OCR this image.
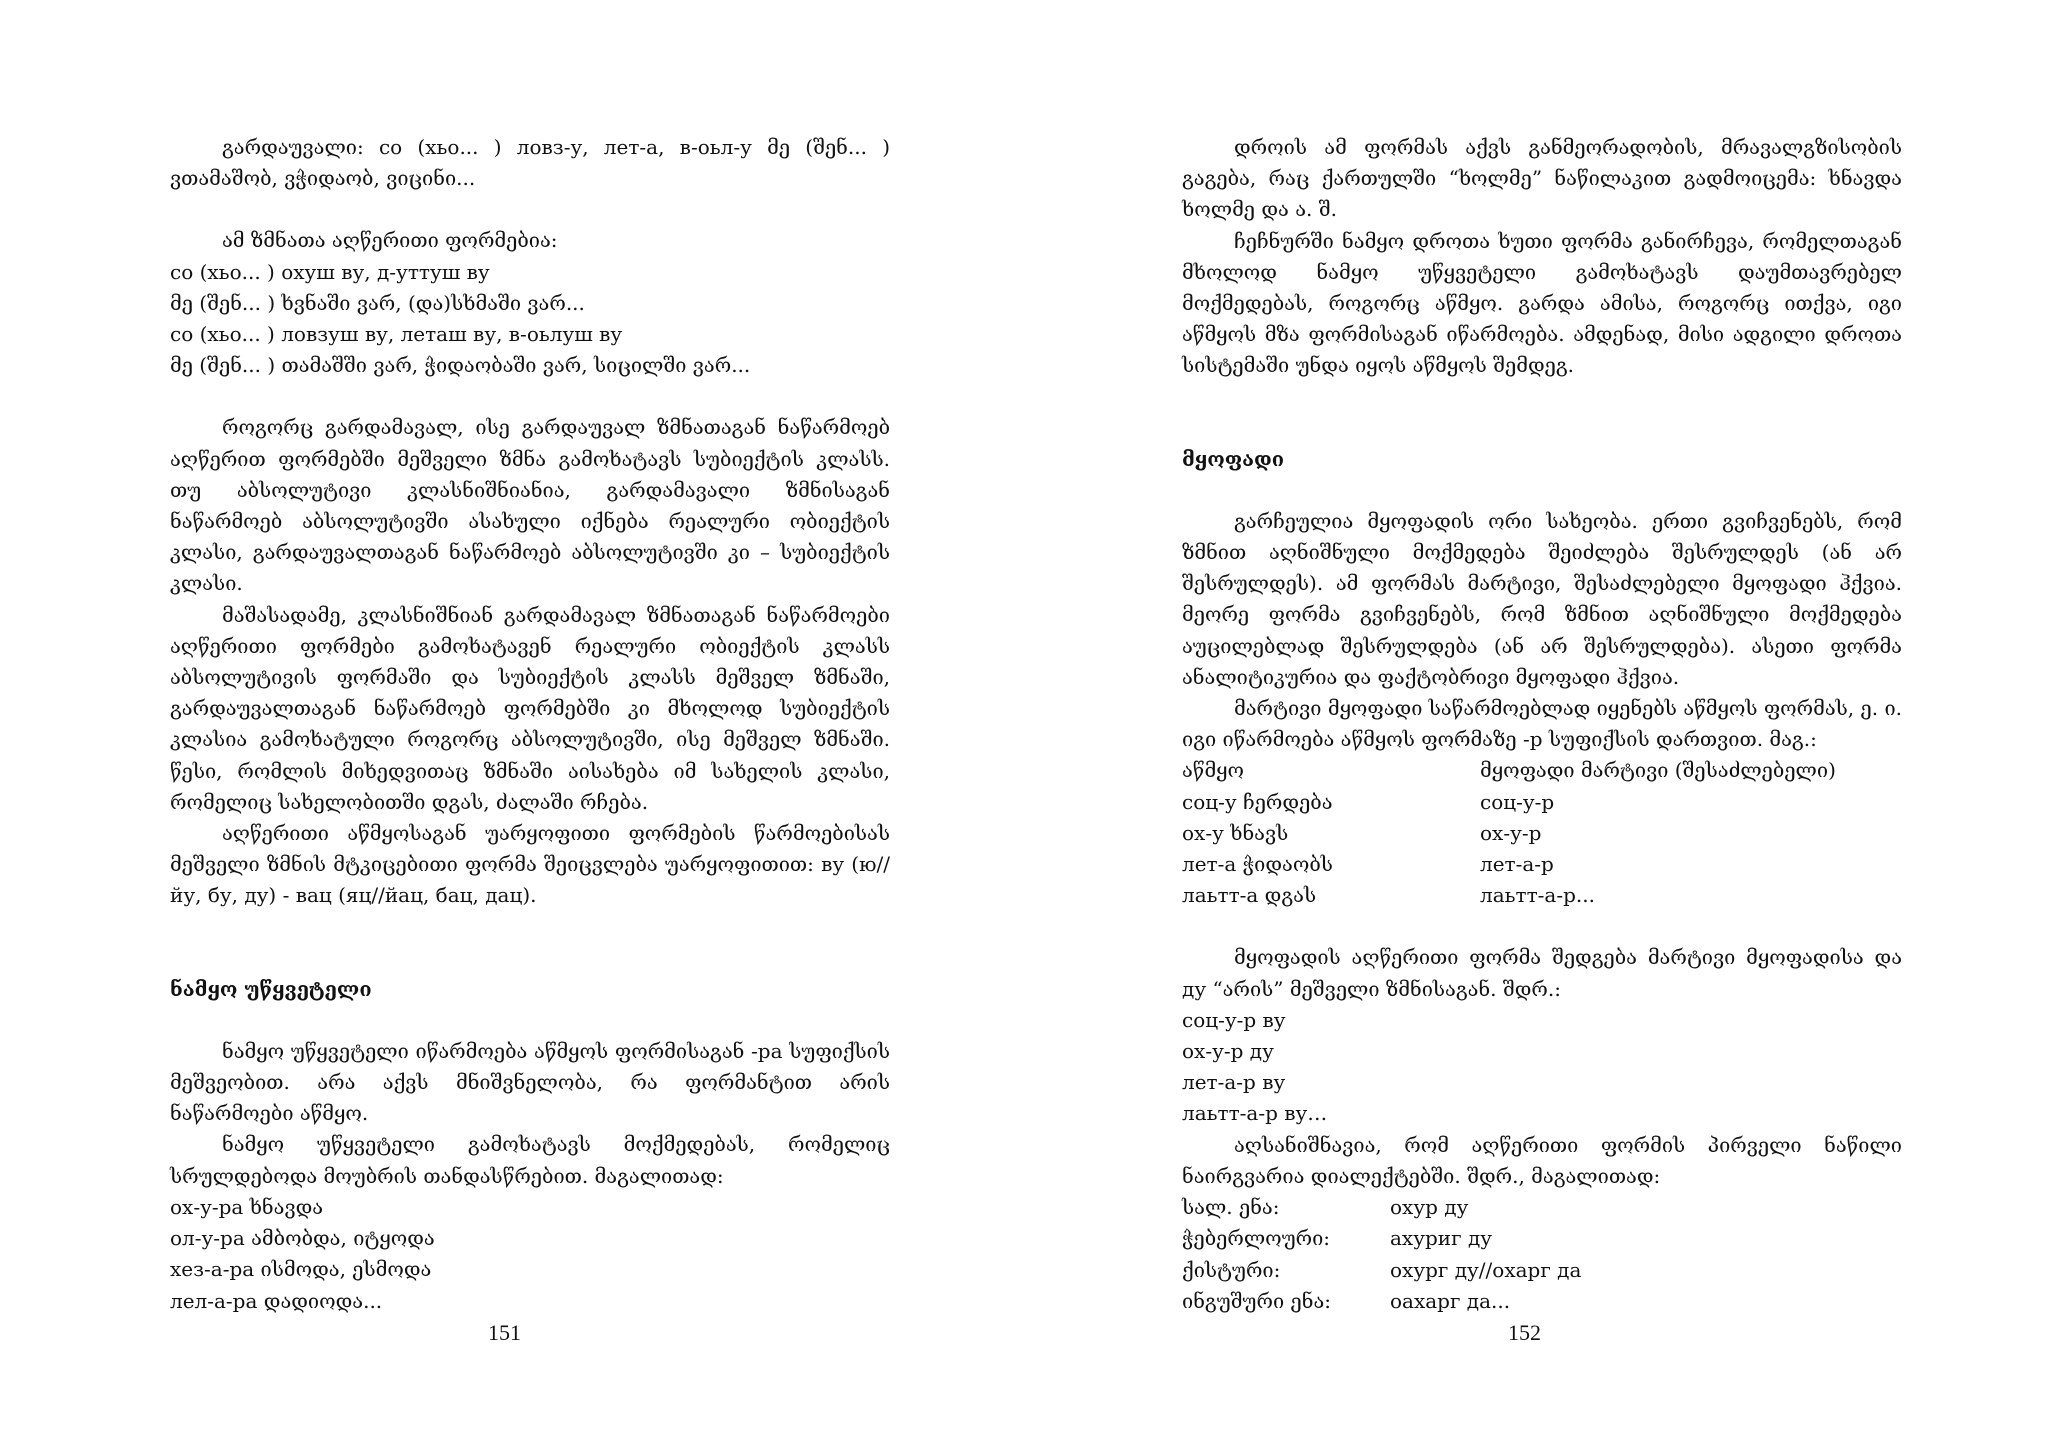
გარდაუვალი: со (хьо... ) ловз-у, лет-а, в-оьл-у მე (შენ... ) ვთამაშობ, ვჭიდაობ, ვიცინი...

ამ ზმნათა აღწერითი ფორმებია:
со (хьо... ) охуш ву, д-уттуш ву
მე (შენ... ) ხვნაში ვარ, (და)სხმაში ვარ...
со (хьо... ) ловзуш ву, леташ ву, в-оьлуш ву
მე (შენ... ) თამაშში ვარ, ჭიდაობაში ვარ, სიცილში ვარ...

როგორც გარდამავალ, ისე გარდაუვალ ზმნათაგან ნაწარმოებ აღწერით ფორმებში მეშველი ზმნა გამოხატავს სუბიექტის კლასს. თუ აბსოლუტივი კლასნიშნიანია, გარდამავალი ზმნისაგან ნაწარმოებ აბსოლუტივში ასახული იქნება რეალური ობიექტის კლასი, გარდაუვალთაგან ნაწარმოებ აბსოლუტივში კი – სუბიექტის კლასი.

მაშასადამე, კლასნიშნიან გარდამავალ ზმნათაგან ნაწარმოები აღწერითი ფორმები გამოხატავენ რეალური ობიექტის კლასს აბსოლუტივის ფორმაში და სუბიექტის კლასს მეშველ ზმნაში, გარდაუვალთაგან ნაწარმოებ ფორმებში კი მხოლოდ სუბიექტის კლასია გამოხატული როგორც აბსოლუტივში, ისე მეშველ ზმნაში. წესი, რომლის მიხედვითაც ზმნაში აისახება იმ სახელის კლასი, რომელიც სახელობითში დგას, ძალაში რჩება.

აღწერითი აწმყოსაგან უარყოფითი ფორმების წარმოებისას მეშველი ზმნის მტკიცებითი ფორმა შეიცვლება უარყოფითით: ву (ю//йу, бу, ду) - вац (яц//йац, бац, дац).

ნამყო უწყვეტელი

ნამყო უწყვეტელი იწარმოება აწმყოს ფორმისაგან -ра სუფიქსის მეშვეობით. არა აქვს მნიშვნელობა, რა ფორმანტით არის ნაწარმოები აწმყო.

ნამყო უწყვეტელი გამოხატავს მოქმედებას, რომელიც სრულდებოდა მოუბრის თანდასწრებით. მაგალითად:

ох-у-ра ხნავდა
ол-у-ра ამბობდა, იტყოდა
хез-а-ра ისმოდა, ესმოდა
лел-а-ра დადიოდა...
151

დროის ამ ფორმას აქვს განმეორადობის, მრავალგზისობის გაგება, რაც ქართულში “ხოლმე” ნაწილაკით გადმოიცემა: ხნავდა ხოლმე და ა. შ.

ჩეჩნურში ნამყო დროთა ხუთი ფორმა განირჩევა, რომელთაგან მხოლოდ ნამყო უწყვეტელი გამოხატავს დაუმთავრებელ მოქმედებას, როგორც აწმყო. გარდა ამისა, როგორც ითქვა, იგი აწმყოს მზა ფორმისაგან იწარმოება. ამდენად, მისი ადგილი დროთა სისტემაში უნდა იყოს აწმყოს შემდეგ.

მყოფადი

გარჩეულია მყოფადის ორი სახეობა. ერთი გვიჩვენებს, რომ ზმნით აღნიშნული მოქმედება შეიძლება შესრულდეს (ან არ შესრულდეს). ამ ფორმას მარტივი, შესაძლებელი მყოფადი ჰქვია. მეორე ფორმა გვიჩვენებს, რომ ზმნით აღნიშნული მოქმედება აუცილებლად შესრულდება (ან არ შესრულდება). ასეთი ფორმა ანალიტიკურია და ფაქტობრივი მყოფადი ჰქვია.

მარტივი მყოფადი საწარმოებლად იყენებს აწმყოს ფორმას, ე. ი. იგი იწარმოება აწმყოს ფორმაზე -р სუფიქსის დართვით. მაგ.:

აწმყო	მყოფადი მარტივი (შესაძლებელი)
соц-у ჩერდება	соц-у-р
ох-у ხნავს	ох-у-р
лет-а ჭიდაობს	лет-а-р
лаьтт-а დგას	лаьтт-а-р...

მყოფადის აღწერითი ფორმა შედგება მარტივი მყოფადისა და ду “არის” მეშველი ზმნისაგან. შდრ.:

соц-у-р ву
ох-у-р ду
лет-а-р ву
лаьтт-а-р ву…

აღსანიშნავია, რომ აღწერითი ფორმის პირველი ნაწილი ნაირგვარია დიალექტებში. შდრ., მაგალითად:

სალ. ენა:	охур ду
ჭებერლოური:	ахуриг ду
ქისტური:	охург ду//охарг да
ინგუშური ენა:	оахарг да...
152
